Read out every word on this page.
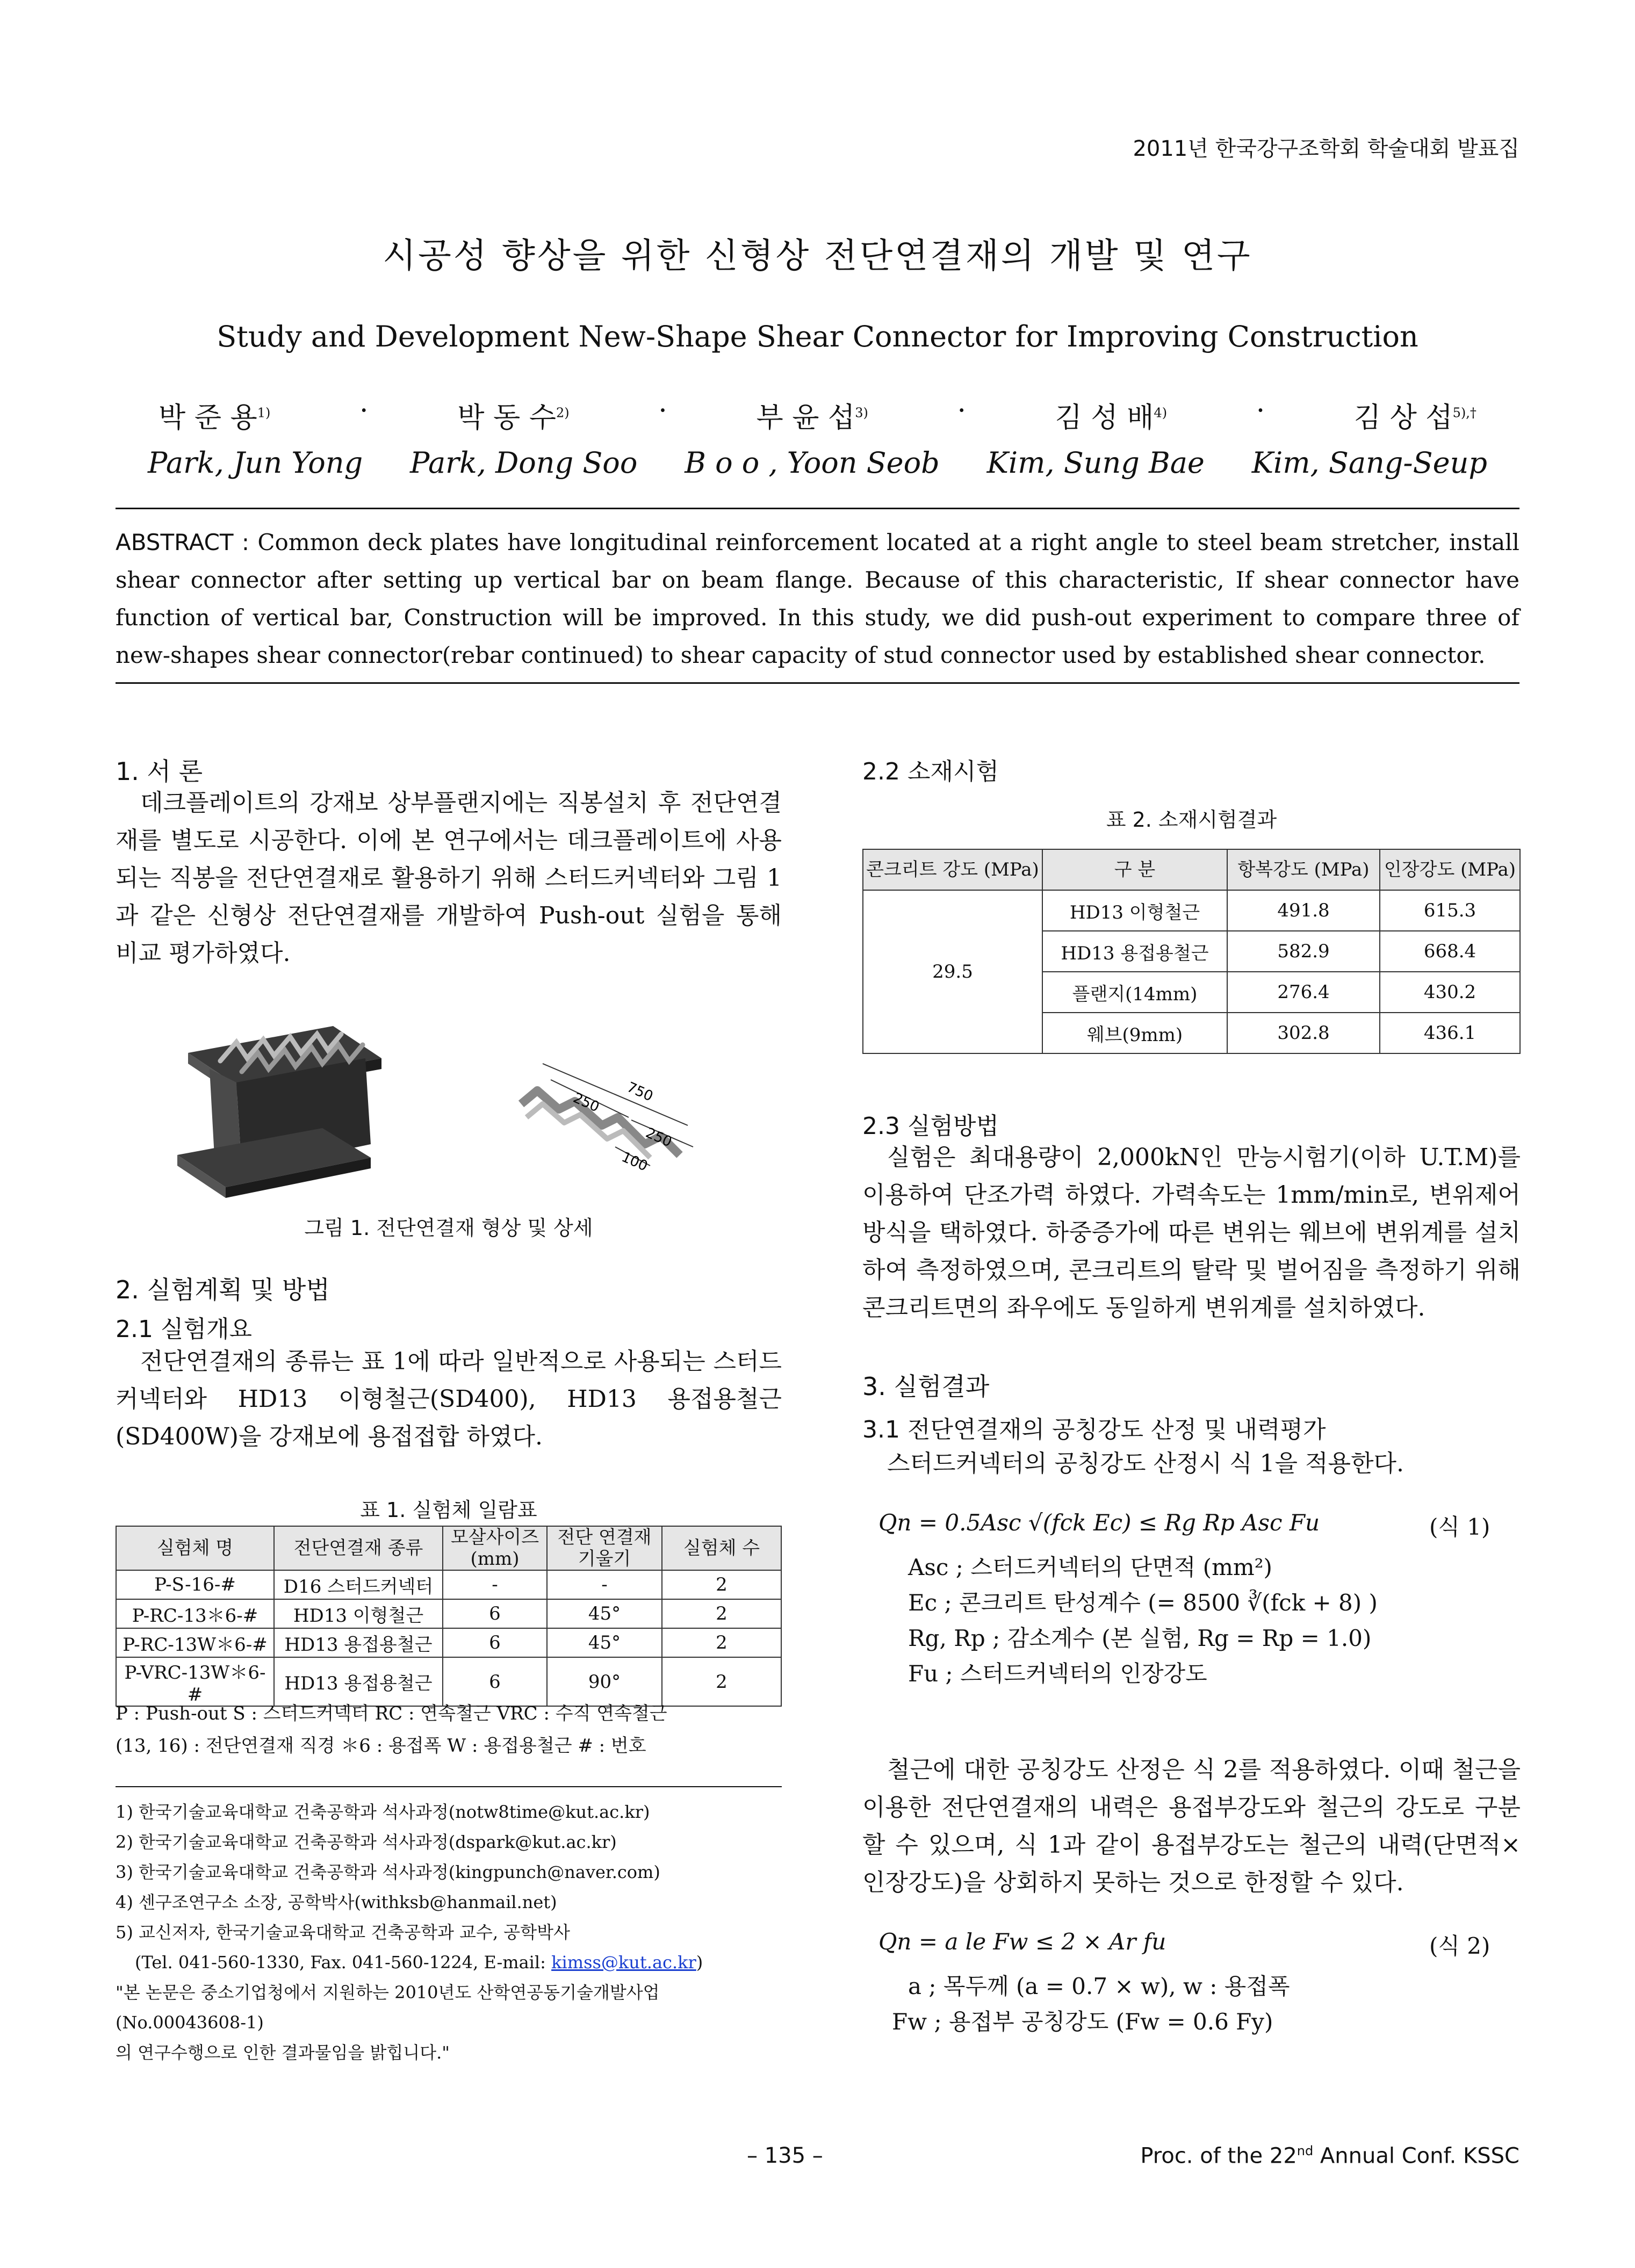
2011년 한국강구조학회 학술대회 발표집
시공성 향상을 위한 신형상 전단연결재의 개발 및 연구
Study and Development New-Shape Shear Connector for Improving Construction
박 준 용$^{1)}$	·	박 동 수$^{2)}$	·	부 윤 섭$^{3)}$	·	김 성 배$^{4)}$	·	김 상 섭$^{5),\dagger}$
Park, Jun Yong Park, Dong Soo B o o , Yoon Seob Kim, Sung Bae Kim, Sang-Seup
ABSTRACT : Common deck plates have longitudinal reinforcement located at a right angle to steel beam stretcher, install shear connector after setting up vertical bar on beam flange. Because of this characteristic, If shear connector have function of vertical bar, Construction will be improved. In this study, we did push-out experiment to compare three of new-shapes shear connector(rebar continued) to shear capacity of stud connector used by established shear connector.
1. 서 론
데크플레이트의 강재보 상부플랜지에는 직봉설치 후 전단연결재를 별도로 시공한다. 이에 본 연구에서는 데크플레이트에 사용되는 직봉을 전단연결재로 활용하기 위해 스터드커넥터와 그림 1과 같은 신형상 전단연결재를 개발하여 Push-out 실험을 통해 비교 평가하였다.
750
250
250
100
그림 1. 전단연결재 형상 및 상세
2. 실험계획 및 방법
2.1 실험개요
전단연결재의 종류는 표 1에 따라 일반적으로 사용되는 스터드커넥터와 HD13 이형철근(SD400), HD13 용접용철근(SD400W)을 강재보에 용접접합 하였다.
표 1. 실험체 일람표
실험체 명	전단연결재 종류	모살사이즈 (mm)	전단 연결재 기울기	실험체 수
P-S-16-#	D16 스터드커넥터	-	-	2
P-RC-13＊6-#	HD13 이형철근	6	45°	2
P-RC-13W＊6-#	HD13 용접용철근	6	45°	2
P-VRC-13W＊6-#	HD13 용접용철근	6	90°	2
P : Push-out S : 스터드커넥터 RC : 연속철근 VRC : 수직 연속철근
(13, 16) : 전단연결재 직경 ＊6 : 용접폭 W : 용접용철근 # : 번호
1) 한국기술교육대학교 건축공학과 석사과정(notw8time@kut.ac.kr)
2) 한국기술교육대학교 건축공학과 석사과정(dspark@kut.ac.kr)
3) 한국기술교육대학교 건축공학과 석사과정(kingpunch@naver.com)
4) 센구조연구소 소장, 공학박사(withksb@hanmail.net)
5) 교신저자, 한국기술교육대학교 건축공학과 교수, 공학박사
(Tel. 041-560-1330, Fax. 041-560-1224, E-mail: kimss@kut.ac.kr)
"본 논문은 중소기업청에서 지원하는 2010년도 산학연공동기술개발사업(No.00043608-1)
의 연구수행으로 인한 결과물임을 밝힙니다."
2.2 소재시험
표 2. 소재시험결과
콘크리트 강도 (MPa)	구 분	항복강도 (MPa)	인장강도 (MPa)
29.5	HD13 이형철근	491.8	615.3
	HD13 용접용철근	582.9	668.4
	플랜지(14mm)	276.4	430.2
	웨브(9mm)	302.8	436.1
2.3 실험방법
실험은 최대용량이 2,000kN인 만능시험기(이하 U.T.M)를 이용하여 단조가력 하였다. 가력속도는 1mm/min로, 변위제어 방식을 택하였다. 하중증가에 따른 변위는 웨브에 변위계를 설치하여 측정하였으며, 콘크리트의 탈락 및 벌어짐을 측정하기 위해 콘크리트면의 좌우에도 동일하게 변위계를 설치하였다.
3. 실험결과
3.1 전단연결재의 공칭강도 산정 및 내력평가
스터드커넥터의 공칭강도 산정시 식 1을 적용한다.
Qn = 0.5Asc √(fck Ec) ≤ Rg Rp Asc Fu	(식 1)
Asc ; 스터드커넥터의 단면적 (mm²)
Ec ; 콘크리트 탄성계수 (= 8500 ∛(fck + 8) )
Rg, Rp ; 감소계수 (본 실험, Rg = Rp = 1.0)
Fu ; 스터드커넥터의 인장강도
철근에 대한 공칭강도 산정은 식 2를 적용하였다. 이때 철근을 이용한 전단연결재의 내력은 용접부강도와 철근의 강도로 구분할 수 있으며, 식 1과 같이 용접부강도는 철근의 내력(단면적×인장강도)을 상회하지 못하는 것으로 한정할 수 있다.
Qn = a le Fw ≤ 2 × Ar fu	(식 2)
a ; 목두께 (a = 0.7 × w), w : 용접폭
Fw ; 용접부 공칭강도 (Fw = 0.6 Fy)
– 135 –	Proc. of the 22nd Annual Conf. KSSC
